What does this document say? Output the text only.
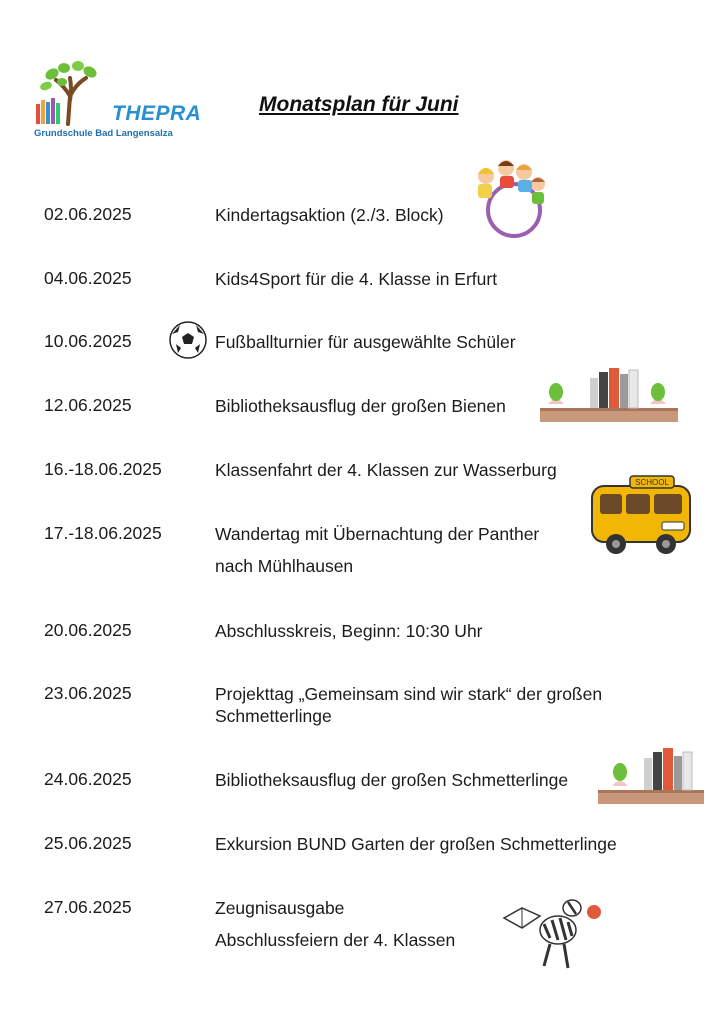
THEPRA
Grundschule Bad Langensalza
Monatsplan für Juni
02.06.2025	Kindertagsaktion (2./3. Block)
04.06.2025	Kids4Sport für die 4. Klasse in Erfurt
10.06.2025	Fußballturnier für ausgewählte Schüler
12.06.2025	Bibliotheksausflug der großen Bienen
16.-18.06.2025	Klassenfahrt der 4. Klassen zur Wasserburg
17.-18.06.2025	Wandertag mit Übernachtung der Panther
nach Mühlhausen
20.06.2025	Abschlusskreis, Beginn: 10:30 Uhr
23.06.2025	Projekttag „Gemeinsam sind wir stark“ der großen
Schmetterlinge
24.06.2025	Bibliotheksausflug der großen Schmetterlinge
25.06.2025	Exkursion BUND Garten der großen Schmetterlinge
27.06.2025	Zeugnisausgabe
Abschlussfeiern der 4. Klassen
SCHOOL
